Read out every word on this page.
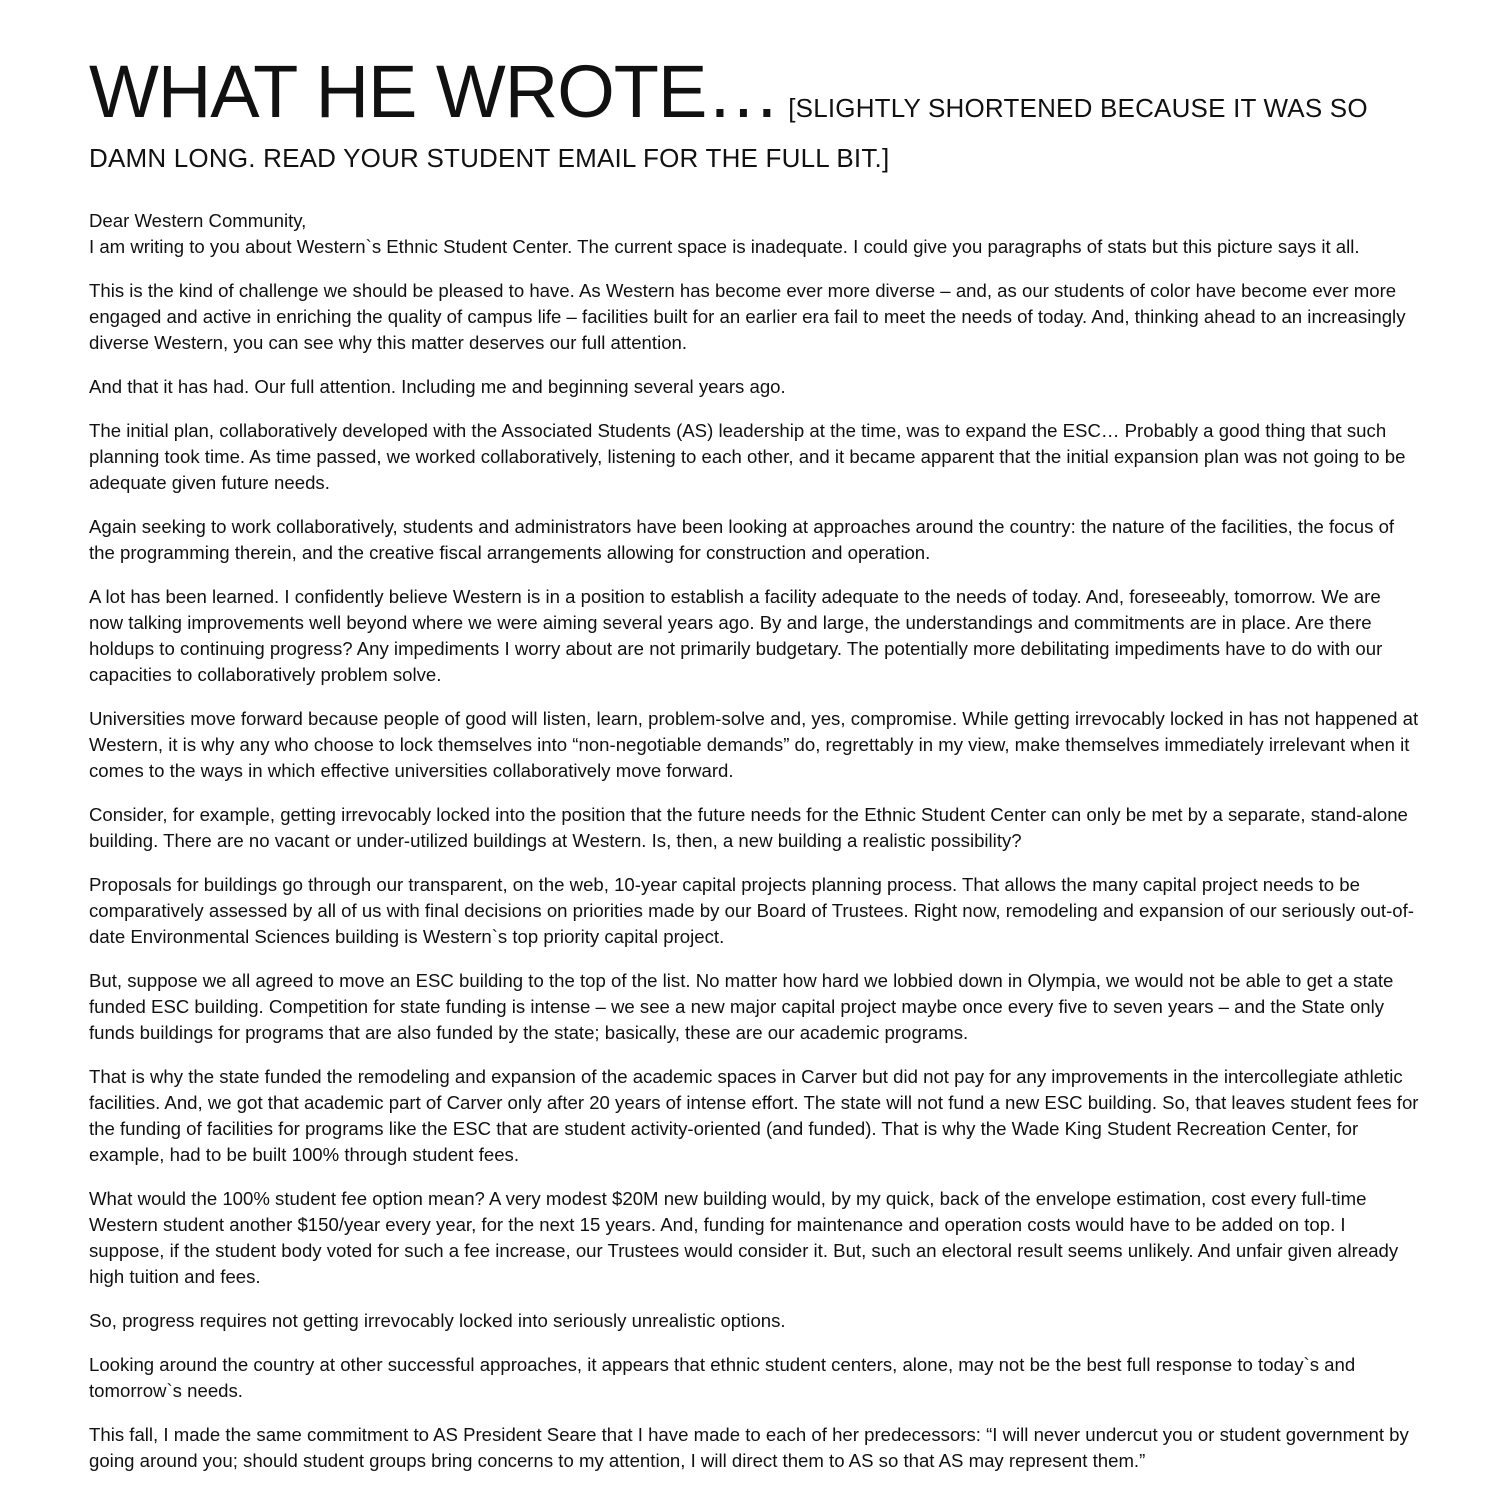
WHAT HE WROTE… [SLIGHTLY SHORTENED BECAUSE IT WAS SO DAMN LONG. READ YOUR STUDENT EMAIL FOR THE FULL BIT.]

Dear Western Community,

I am writing to you about Western`s Ethnic Student Center. The current space is inadequate. I could give you paragraphs of stats but this picture says it all.

This is the kind of challenge we should be pleased to have. As Western has become ever more diverse – and, as our students of color have become ever more engaged and active in enriching the quality of campus life – facilities built for an earlier era fail to meet the needs of today. And, thinking ahead to an increasingly diverse Western, you can see why this matter deserves our full attention.

And that it has had. Our full attention. Including me and beginning several years ago.

The initial plan, collaboratively developed with the Associated Students (AS) leadership at the time, was to expand the ESC… Probably a good thing that such planning took time. As time passed, we worked collaboratively, listening to each other, and it became apparent that the initial expansion plan was not going to be adequate given future needs.

Again seeking to work collaboratively, students and administrators have been looking at approaches around the country: the nature of the facilities, the focus of the programming therein, and the creative fiscal arrangements allowing for construction and operation.

A lot has been learned. I confidently believe Western is in a position to establish a facility adequate to the needs of today. And, foreseeably, tomorrow. We are now talking improvements well beyond where we were aiming several years ago. By and large, the understandings and commitments are in place. Are there holdups to continuing progress? Any impediments I worry about are not primarily budgetary. The potentially more debilitating impediments have to do with our capacities to collaboratively problem solve.

Universities move forward because people of good will listen, learn, problem-solve and, yes, compromise. While getting irrevocably locked in has not happened at Western, it is why any who choose to lock themselves into “non-negotiable demands” do, regrettably in my view, make themselves immediately irrelevant when it comes to the ways in which effective universities collaboratively move forward.

Consider, for example, getting irrevocably locked into the position that the future needs for the Ethnic Student Center can only be met by a separate, stand-alone building. There are no vacant or under-utilized buildings at Western. Is, then, a new building a realistic possibility?

Proposals for buildings go through our transparent, on the web, 10-year capital projects planning process. That allows the many capital project needs to be comparatively assessed by all of us with final decisions on priorities made by our Board of Trustees. Right now, remodeling and expansion of our seriously out-of-date Environmental Sciences building is Western`s top priority capital project.

But, suppose we all agreed to move an ESC building to the top of the list. No matter how hard we lobbied down in Olympia, we would not be able to get a state funded ESC building. Competition for state funding is intense – we see a new major capital project maybe once every five to seven years – and the State only funds buildings for programs that are also funded by the state; basically, these are our academic programs.

That is why the state funded the remodeling and expansion of the academic spaces in Carver but did not pay for any improvements in the intercollegiate athletic facilities. And, we got that academic part of Carver only after 20 years of intense effort. The state will not fund a new ESC building. So, that leaves student fees for the funding of facilities for programs like the ESC that are student activity-oriented (and funded). That is why the Wade King Student Recreation Center, for example, had to be built 100% through student fees.

What would the 100% student fee option mean? A very modest $20M new building would, by my quick, back of the envelope estimation, cost every full-time Western student another $150/year every year, for the next 15 years. And, funding for maintenance and operation costs would have to be added on top. I suppose, if the student body voted for such a fee increase, our Trustees would consider it. But, such an electoral result seems unlikely. And unfair given already high tuition and fees.

So, progress requires not getting irrevocably locked into seriously unrealistic options.

Looking around the country at other successful approaches, it appears that ethnic student centers, alone, may not be the best full response to today`s and tomorrow`s needs.

This fall, I made the same commitment to AS President Seare that I have made to each of her predecessors: “I will never undercut you or student government by going around you; should student groups bring concerns to my attention, I will direct them to AS so that AS may represent them.”
